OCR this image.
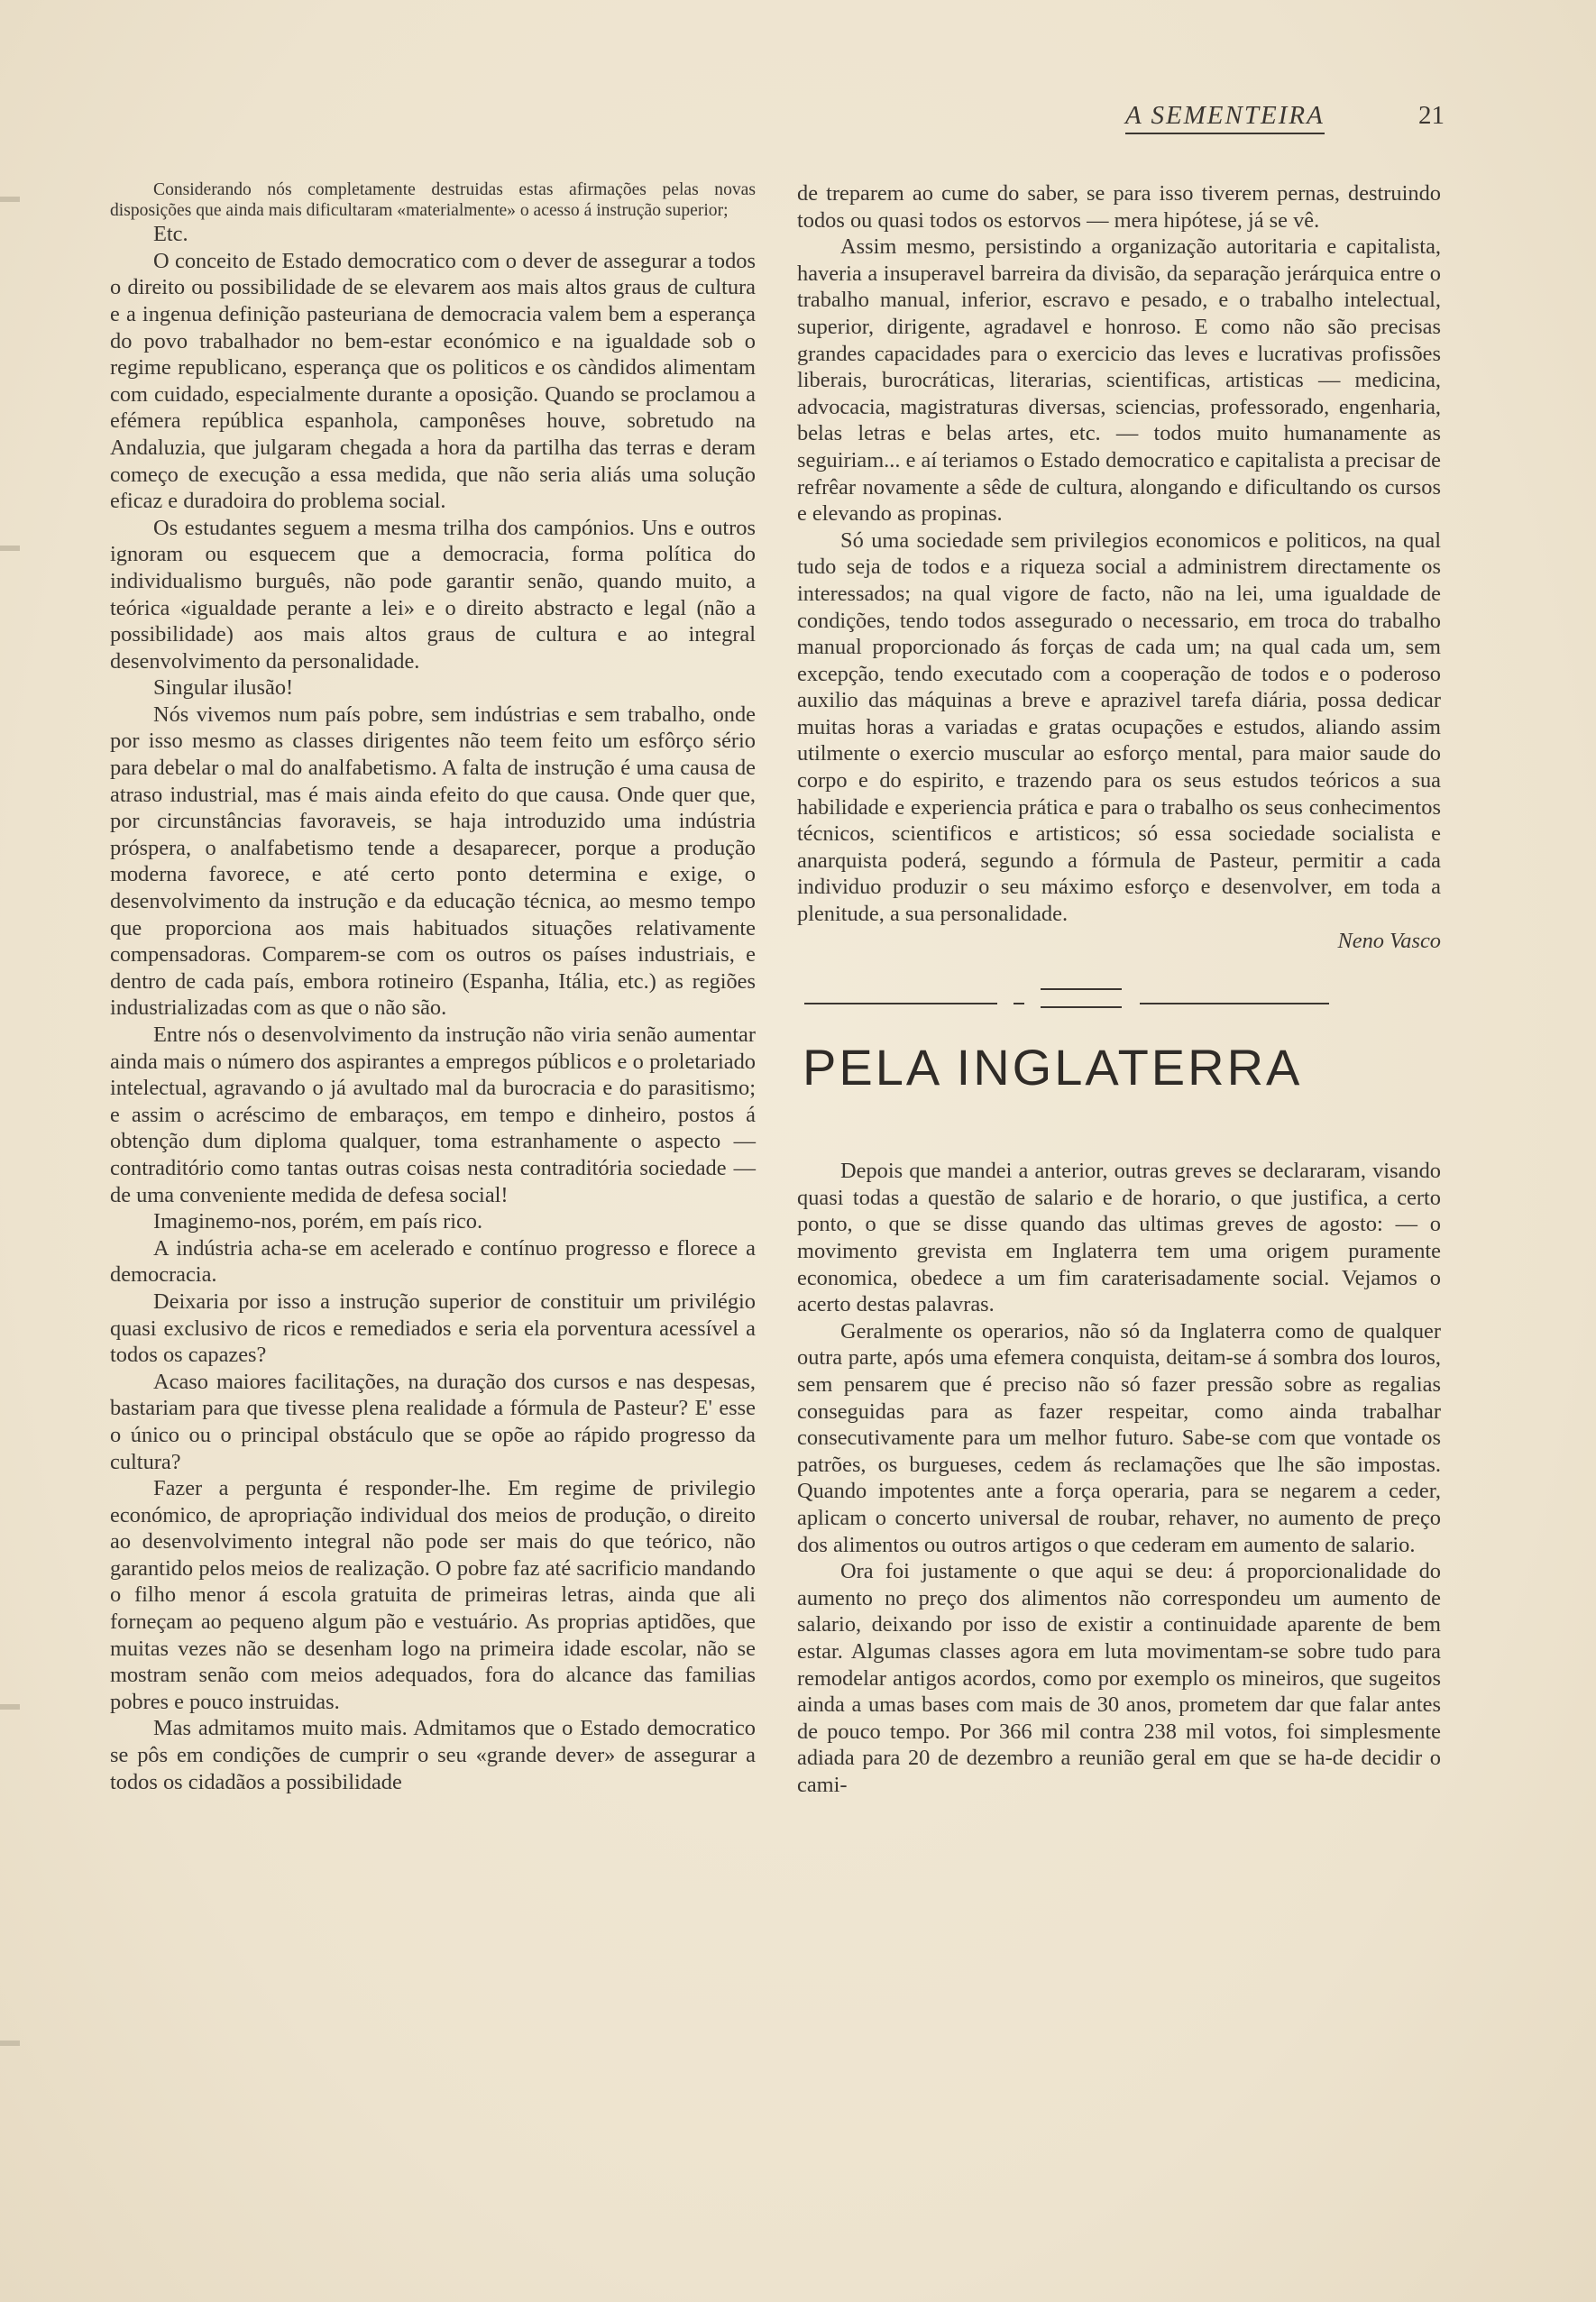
A SEMENTEIRA	21

Considerando nós completamente destruidas estas afirmações pelas novas disposições que ainda mais dificultaram «materialmente» o acesso á instrução superior;

Etc.

O conceito de Estado democratico com o dever de assegurar a todos o direito ou possibilidade de se elevarem aos mais altos graus de cultura e a ingenua definição pasteuriana de democracia valem bem a esperança do povo trabalhador no bem-estar económico e na igualdade sob o regime republicano, esperança que os politicos e os càndidos alimentam com cuidado, especialmente durante a oposição. Quando se proclamou a efémera república espanhola, camponêses houve, sobretudo na Andaluzia, que julgaram chegada a hora da partilha das terras e deram começo de execução a essa medida, que não seria aliás uma solução eficaz e duradoira do problema social.

Os estudantes seguem a mesma trilha dos campónios. Uns e outros ignoram ou esquecem que a democracia, forma política do individualismo burguês, não pode garantir senão, quando muito, a teórica «igualdade perante a lei» e o direito abstracto e legal (não a possibilidade) aos mais altos graus de cultura e ao integral desenvolvimento da personalidade.

Singular ilusão!

Nós vivemos num país pobre, sem indústrias e sem trabalho, onde por isso mesmo as classes dirigentes não teem feito um esfôrço sério para debelar o mal do analfabetismo. A falta de instrução é uma causa de atraso industrial, mas é mais ainda efeito do que causa. Onde quer que, por circunstâncias favoraveis, se haja introduzido uma indústria próspera, o analfabetismo tende a desaparecer, porque a produção moderna favorece, e até certo ponto determina e exige, o desenvolvimento da instrução e da educação técnica, ao mesmo tempo que proporciona aos mais habituados situações relativamente compensadoras. Comparem-se com os outros os países industriais, e dentro de cada país, embora rotineiro (Espanha, Itália, etc.) as regiões industrializadas com as que o não são.

Entre nós o desenvolvimento da instrução não viria senão aumentar ainda mais o número dos aspirantes a empregos públicos e o proletariado intelectual, agravando o já avultado mal da burocracia e do parasitismo; e assim o acréscimo de embaraços, em tempo e dinheiro, postos á obtenção dum diploma qualquer, toma estranhamente o aspecto — contraditório como tantas outras coisas nesta contraditória sociedade — de uma conveniente medida de defesa social!

Imaginemo-nos, porém, em país rico.

A indústria acha-se em acelerado e contínuo progresso e florece a democracia.

Deixaria por isso a instrução superior de constituir um privilégio quasi exclusivo de ricos e remediados e seria ela porventura acessível a todos os capazes?

Acaso maiores facilitações, na duração dos cursos e nas despesas, bastariam para que tivesse plena realidade a fórmula de Pasteur? E' esse o único ou o principal obstáculo que se opõe ao rápido progresso da cultura?

Fazer a pergunta é responder-lhe. Em regime de privilegio económico, de apropriação individual dos meios de produção, o direito ao desenvolvimento integral não pode ser mais do que teórico, não garantido pelos meios de realização. O pobre faz até sacrificio mandando o filho menor á escola gratuita de primeiras letras, ainda que ali forneçam ao pequeno algum pão e vestuário. As proprias aptidões, que muitas vezes não se desenham logo na primeira idade escolar, não se mostram senão com meios adequados, fora do alcance das familias pobres e pouco instruidas.

Mas admitamos muito mais. Admitamos que o Estado democratico se pôs em condições de cumprir o seu «grande dever» de assegurar a todos os cidadãos a possibilidade

de treparem ao cume do saber, se para isso tiverem pernas, destruindo todos ou quasi todos os estorvos — mera hipótese, já se vê.

Assim mesmo, persistindo a organização autoritaria e capitalista, haveria a insuperavel barreira da divisão, da separação jerárquica entre o trabalho manual, inferior, escravo e pesado, e o trabalho intelectual, superior, dirigente, agradavel e honroso. E como não são precisas grandes capacidades para o exercicio das leves e lucrativas profissões liberais, burocráticas, literarias, scientificas, artisticas — medicina, advocacia, magistraturas diversas, sciencias, professorado, engenharia, belas letras e belas artes, etc. — todos muito humanamente as seguiriam... e aí teriamos o Estado democratico e capitalista a precisar de refrêar novamente a sêde de cultura, alongando e dificultando os cursos e elevando as propinas.

Só uma sociedade sem privilegios economicos e politicos, na qual tudo seja de todos e a riqueza social a administrem directamente os interessados; na qual vigore de facto, não na lei, uma igualdade de condições, tendo todos assegurado o necessario, em troca do trabalho manual proporcionado ás forças de cada um; na qual cada um, sem excepção, tendo executado com a cooperação de todos e o poderoso auxilio das máquinas a breve e aprazivel tarefa diária, possa dedicar muitas horas a variadas e gratas ocupações e estudos, aliando assim utilmente o exercio muscular ao esforço mental, para maior saude do corpo e do espirito, e trazendo para os seus estudos teóricos a sua habilidade e experiencia prática e para o trabalho os seus conhecimentos técnicos, scientificos e artisticos; só essa sociedade socialista e anarquista poderá, segundo a fórmula de Pasteur, permitir a cada individuo produzir o seu máximo esforço e desenvolver, em toda a plenitude, a sua personalidade.

Neno Vasco

PELA INGLATERRA

Depois que mandei a anterior, outras greves se declararam, visando quasi todas a questão de salario e de horario, o que justifica, a certo ponto, o que se disse quando das ultimas greves de agosto: — o movimento grevista em Inglaterra tem uma origem puramente economica, obedece a um fim caraterisadamente social. Vejamos o acerto destas palavras.

Geralmente os operarios, não só da Inglaterra como de qualquer outra parte, após uma efemera conquista, deitam-se á sombra dos louros, sem pensarem que é preciso não só fazer pressão sobre as regalias conseguidas para as fazer respeitar, como ainda trabalhar consecutivamente para um melhor futuro. Sabe-se com que vontade os patrões, os burgueses, cedem ás reclamações que lhe são impostas. Quando impotentes ante a força operaria, para se negarem a ceder, aplicam o concerto universal de roubar, rehaver, no aumento de preço dos alimentos ou outros artigos o que cederam em aumento de salario.

Ora foi justamente o que aqui se deu: á proporcionalidade do aumento no preço dos alimentos não correspondeu um aumento de salario, deixando por isso de existir a continuidade aparente de bem estar. Algumas classes agora em luta movimentam-se sobre tudo para remodelar antigos acordos, como por exemplo os mineiros, que sugeitos ainda a umas bases com mais de 30 anos, prometem dar que falar antes de pouco tempo. Por 366 mil contra 238 mil votos, foi simplesmente adiada para 20 de dezembro a reunião geral em que se ha-de decidir o cami-
